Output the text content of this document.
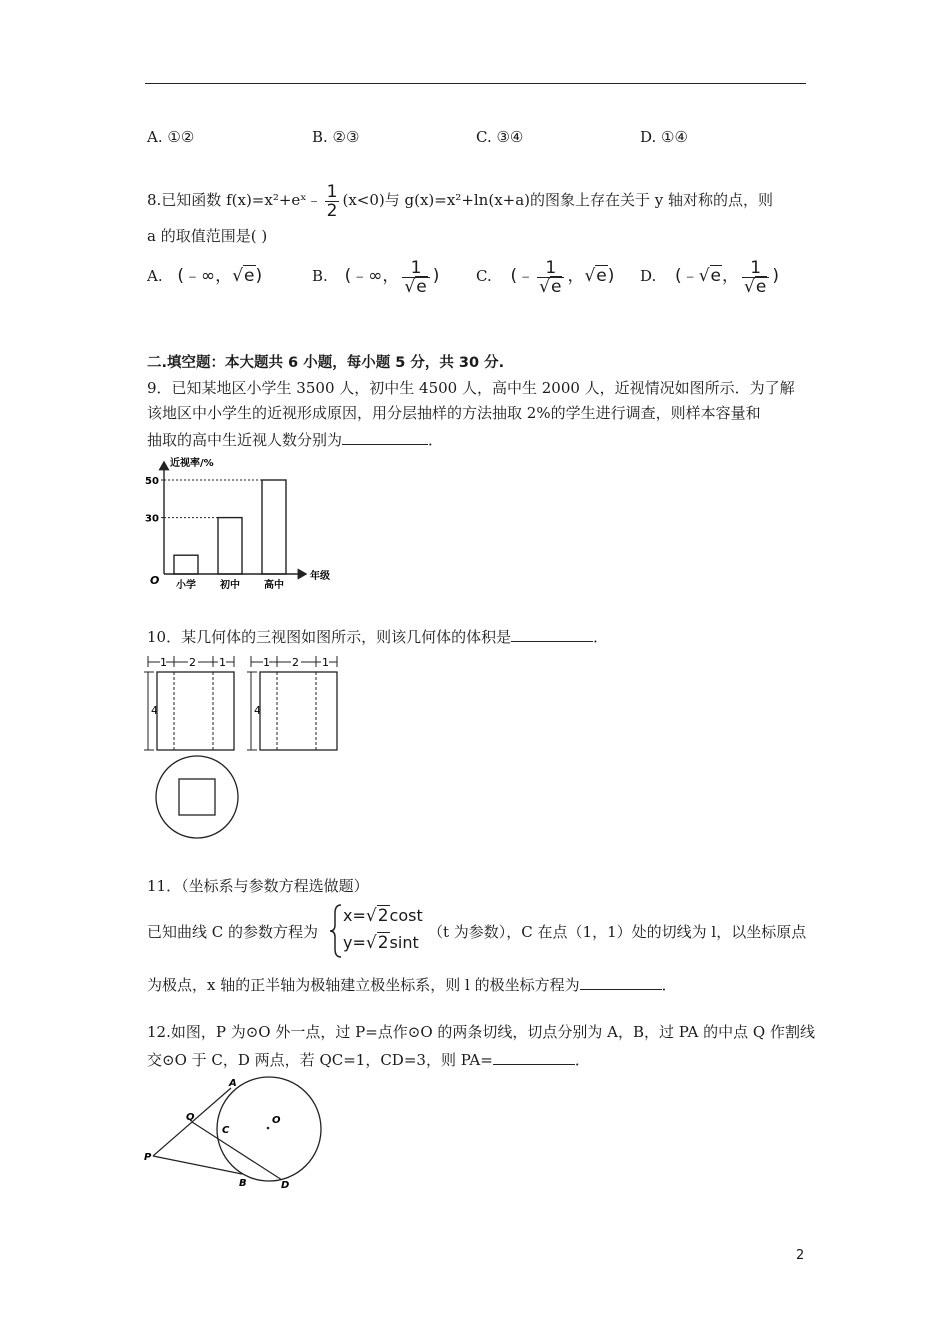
A. ①②	B. ②③	C. ③④	D. ①④
8.已知函数 f(x)=x²+eˣ﹣ $\frac{1}{2} (x<0)$与 g(x)=x²+ln(x+a)的图象上存在关于 y 轴对称的点，则
a 的取值范围是( )
A. (﹣∞，√e)	B. (﹣∞， $\frac{1}{√e}$ ) C. (﹣ $\frac{1}{√e}$ ，√e) D. (﹣√e， $\frac{1}{√e}$ )
二.填空题：本大题共 6 小题，每小题 5 分，共 30 分.
9．已知某地区小学生 3500 人，初中生 4500 人，高中生 2000 人，近视情况如图所示．为了解
该地区中小学生的近视形成原因，用分层抽样的方法抽取 2%的学生进行调查，则样本容量和
抽取的高中生近视人数分别为	．
近视率/%
年级
O
30
50
小学 初中 高中
10．某几何体的三视图如图所示，则该几何体的体积是	．
1 2 1
4
1 2 1
4
11．（坐标系与参数方程选做题）
已知曲线 C 的参数方程为
x=√2cost
y=√2sint
（t 为参数），C 在点（1，1）处的切线为 l，以坐标原点
为极点，x 轴的正半轴为极轴建立极坐标系，则 l 的极坐标方程为	．
12.如图，P 为⊙O 外一点，过 P=点作⊙O 的两条切线，切点分别为 A，B，过 PA 的中点 Q 作割线
交⊙O 于 C，D 两点，若 QC=1，CD=3，则 PA=	．
A
Q
C
O
P
B	D
2
